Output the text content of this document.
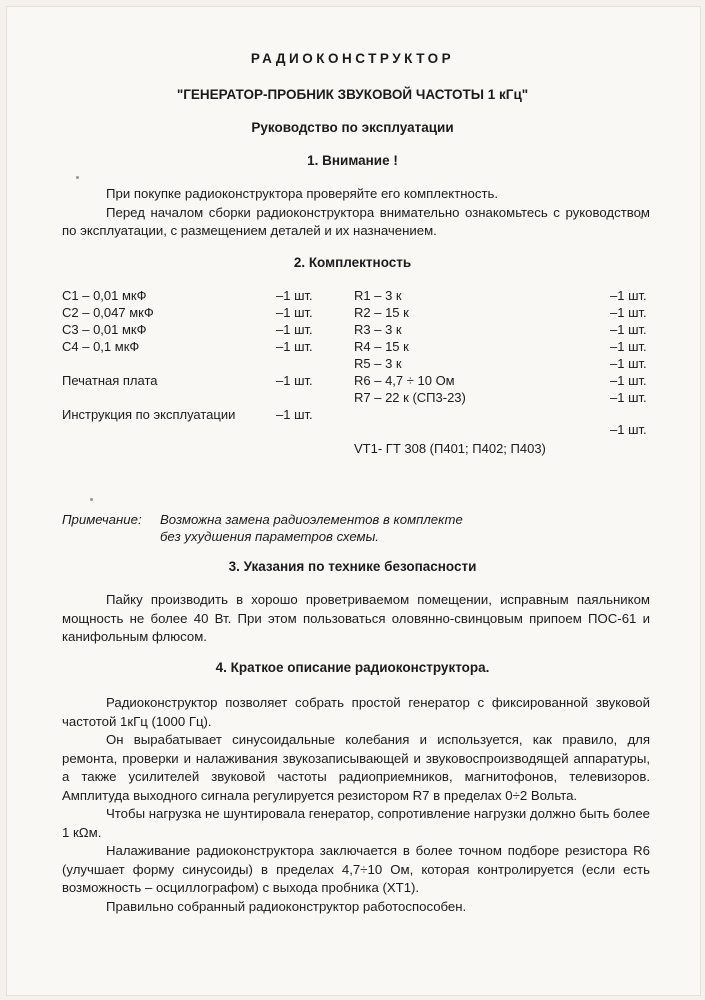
РАДИОКОНСТРУКТОР
"ГЕНЕРАТОР-ПРОБНИК ЗВУКОВОЙ ЧАСТОТЫ 1 кГц"
Руководство по эксплуатации
1. Внимание !

При покупке радиоконструктора проверяйте его комплектность.

Перед началом сборки радиоконструктора внимательно ознакомьтесь с руководством по эксплуатации, с размещением деталей и их назначением.

2. Комплектность
С1 – 0,01 мкФ	–1 шт.
С2 – 0,047 мкФ	–1 шт.
С3 – 0,01 мкФ	–1 шт.
С4 – 0,1 мкФ	–1 шт.
Печатная плата	–1 шт.
Инструкция по эксплуатации	–1 шт.
R1 – 3 к	–1 шт.
R2 – 15 к	–1 шт.
R3 – 3 к	–1 шт.
R4 – 15 к	–1 шт.
R5 – 3 к	–1 шт.
R6 – 4,7 ÷ 10 Ом	–1 шт.
R7 – 22 к (СП3-23)	–1 шт.
–1 шт.
VT1- ГТ 308 (П401; П402; П403)
Примечание: Возможна замена радиоэлементов в комплекте
без ухудшения параметров схемы.
3. Указания по технике безопасности

Пайку производить в хорошо проветриваемом помещении, исправным паяльником мощность не более 40 Вт. При этом пользоваться оловянно-свинцовым припоем ПОС-61 и канифольным флюсом.

4. Краткое описание радиоконструктора.

Радиоконструктор позволяет собрать простой генератор с фиксированной звуковой частотой 1кГц (1000 Гц).

Он вырабатывает синусоидальные колебания и используется, как правило, для ремонта, проверки и налаживания звукозаписывающей и звуковоспроизводящей аппаратуры, а также усилителей звуковой частоты радиоприемников, магнитофонов, телевизоров. Амплитуда выходного сигнала регулируется резистором R7 в пределах 0÷2 Вольта.

Чтобы нагрузка не шунтировала генератор, сопротивление нагрузки должно быть более 1 кΩм.

Налаживание радиоконструктора заключается в более точном подборе резистора R6 (улучшает форму синусоиды) в пределах 4,7÷10 Ом, которая контролируется (если есть возможность – осциллографом) с выхода пробника (ХТ1).

Правильно собранный радиоконструктор работоспособен.
